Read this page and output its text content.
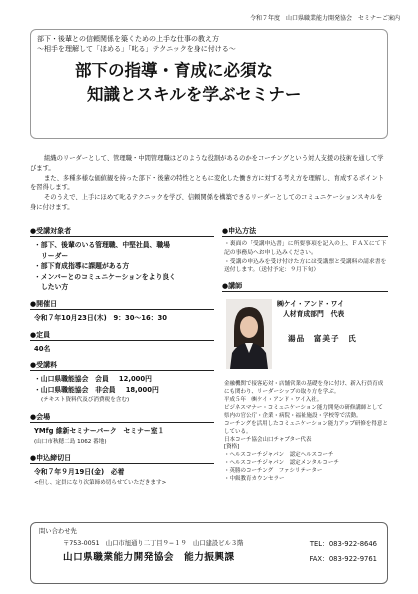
令和７年度　山口県職業能力開発協会　セミナーご案内
部下・後輩との信頼関係を築くための上手な仕事の教え方
～相手を理解して「ほめる」「叱る」テクニックを身に付ける～
部下の指導・育成に必須な
知識とスキルを学ぶセミナー

組織のリーダーとして、管理職・中間管理職はどのような役割があるのかをコーチングという対人支援の技術を通して学びます。

また、多種多様な価値観を持った部下・後輩の特性とともに変化した働き方に対する考え方を理解し、育成するポイントを習得します。

そのうえで、上手にほめて叱るテクニックを学び、信頼関係を構築できるリーダーとしてのコミュニケーションスキルを身に付けます。

●受講対象者
・部下、後輩のいる管理職、中堅社員、職場
リーダー
・部下育成指導に課題がある方
・メンバーとのコミュニケーションをより良く
したい方
●開催日
令和７年10月23日(木)　9：30～16：30
●定員
40名
●受講料
・山口県職能協会　会員 12,000円
・山口県職能協会　非会員 18,000円
(テキスト資料代及び消費税を含む)
●会場
YMfg 維新セミナーパーク　セミナー室１
(山口市秋穂二島 1062 番地)
●申込締切日
令和７年９月19日(金)　必着
<但し、定員になり次第締め切らせていただきます>
●申込方法
・裏面の「受講申込書」に所要事項を記入の上、ＦＡＸにて下記の事務局へお申し込みください。
・受講の申込みを受け付けた方には受講票と受講料の請求書を送付します。（送付予定：９月下旬）
●講師
㈱ケイ・アンド・ワイ
人材育成部門　代表
湯品　富美子　氏
金融機関で接客応対・店舗営業の基礎を身に付け、新入行員育成にも関わり、リーダーシップの取り方を学ぶ。
平成５年　㈱ケイ・アンド・ワイ入社。
ビジネスマナー・コミュニケーション能力開発の研修講師として県内の官公庁・企業・病院・福祉施設・学校等で活動。
コーチングを活用したコミュニケーション能力アップ研修を得意としている。
日本コーチ協会山口チャプター代表
[資格]
・ヘルスコーチジャパン　認定ヘルスコーチ
・ヘルスコーチジャパン　認定メンタルコーチ
・英勝のコーチング　ファシリテーター
・中級教育カウンセラー
問い合わせ先
〒753-0051　山口市旭通り二丁目９−１９　山口建設ビル３階	TEL：083-922-8646
山口県職業能力開発協会　能力振興課	FAX：083-922-9761
